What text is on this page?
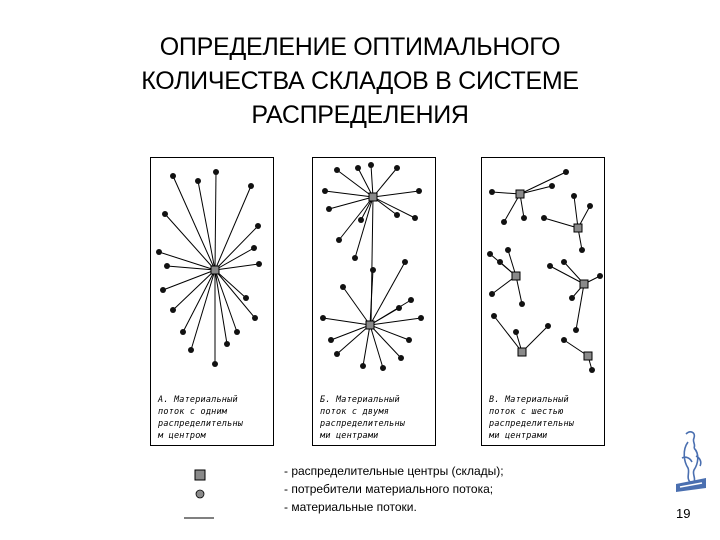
ОПРЕДЕЛЕНИЕ ОПТИМАЛЬНОГО
КОЛИЧЕСТВА СКЛАДОВ В СИСТЕМЕ
РАСПРЕДЕЛЕНИЯ
А. Материальный
поток с одним
распределительны
м центром
Б. Материальный
поток с двумя
распределительны
ми центрами
В. Материальный
поток с шестью
распределительны
ми центрами
- распределительные центры (склады);
- потребители материального потока;
- материальные потоки.	19
